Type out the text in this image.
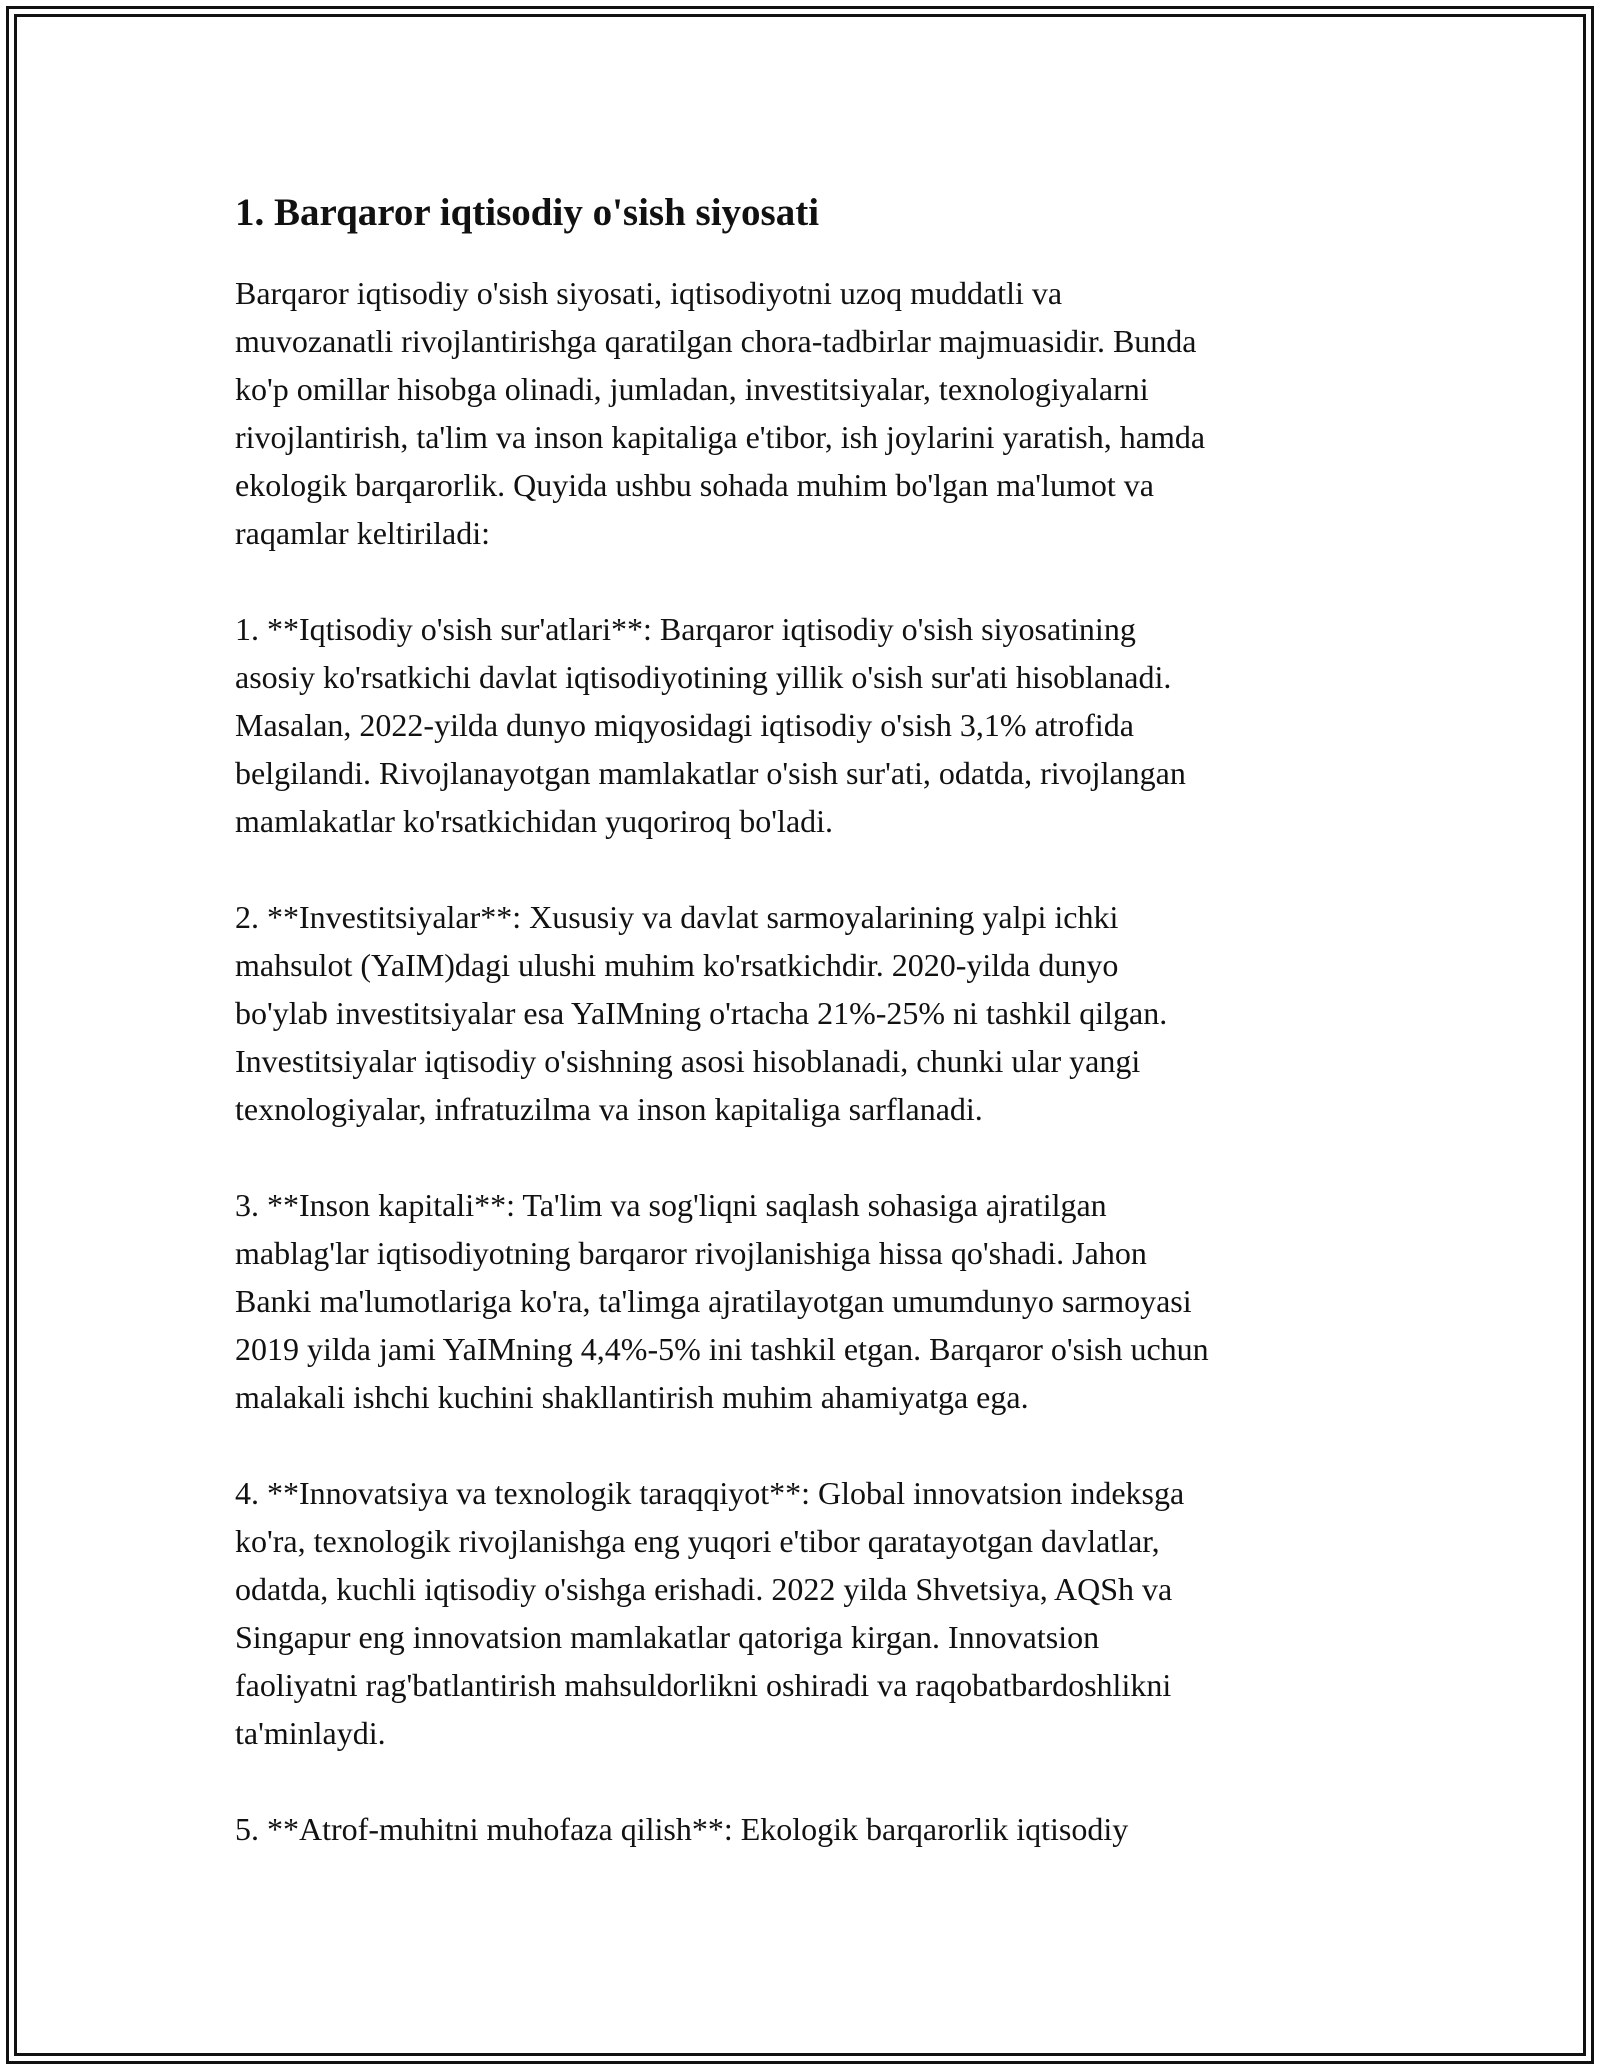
1. Barqaror iqtisodiy o'sish siyosati

Barqaror iqtisodiy o'sish siyosati, iqtisodiyotni uzoq muddatli va
muvozanatli rivojlantirishga qaratilgan chora-tadbirlar majmuasidir. Bunda
ko'p omillar hisobga olinadi, jumladan, investitsiyalar, texnologiyalarni
rivojlantirish, ta'lim va inson kapitaliga e'tibor, ish joylarini yaratish, hamda
ekologik barqarorlik. Quyida ushbu sohada muhim bo'lgan ma'lumot va
raqamlar keltiriladi:

1. **Iqtisodiy o'sish sur'atlari**: Barqaror iqtisodiy o'sish siyosatining
asosiy ko'rsatkichi davlat iqtisodiyotining yillik o'sish sur'ati hisoblanadi.
Masalan, 2022-yilda dunyo miqyosidagi iqtisodiy o'sish 3,1% atrofida
belgilandi. Rivojlanayotgan mamlakatlar o'sish sur'ati, odatda, rivojlangan
mamlakatlar ko'rsatkichidan yuqoriroq bo'ladi.

2. **Investitsiyalar**: Xususiy va davlat sarmoyalarining yalpi ichki
mahsulot (YaIM)dagi ulushi muhim ko'rsatkichdir. 2020-yilda dunyo
bo'ylab investitsiyalar esa YaIMning o'rtacha 21%-25% ni tashkil qilgan.
Investitsiyalar iqtisodiy o'sishning asosi hisoblanadi, chunki ular yangi
texnologiyalar, infratuzilma va inson kapitaliga sarflanadi.

3. **Inson kapitali**: Ta'lim va sog'liqni saqlash sohasiga ajratilgan
mablag'lar iqtisodiyotning barqaror rivojlanishiga hissa qo'shadi. Jahon
Banki ma'lumotlariga ko'ra, ta'limga ajratilayotgan umumdunyo sarmoyasi
2019 yilda jami YaIMning 4,4%-5% ini tashkil etgan. Barqaror o'sish uchun
malakali ishchi kuchini shakllantirish muhim ahamiyatga ega.

4. **Innovatsiya va texnologik taraqqiyot**: Global innovatsion indeksga
ko'ra, texnologik rivojlanishga eng yuqori e'tibor qaratayotgan davlatlar,
odatda, kuchli iqtisodiy o'sishga erishadi. 2022 yilda Shvetsiya, AQSh va
Singapur eng innovatsion mamlakatlar qatoriga kirgan. Innovatsion
faoliyatni rag'batlantirish mahsuldorlikni oshiradi va raqobatbardoshlikni
ta'minlaydi.

5. **Atrof-muhitni muhofaza qilish**: Ekologik barqarorlik iqtisodiy
